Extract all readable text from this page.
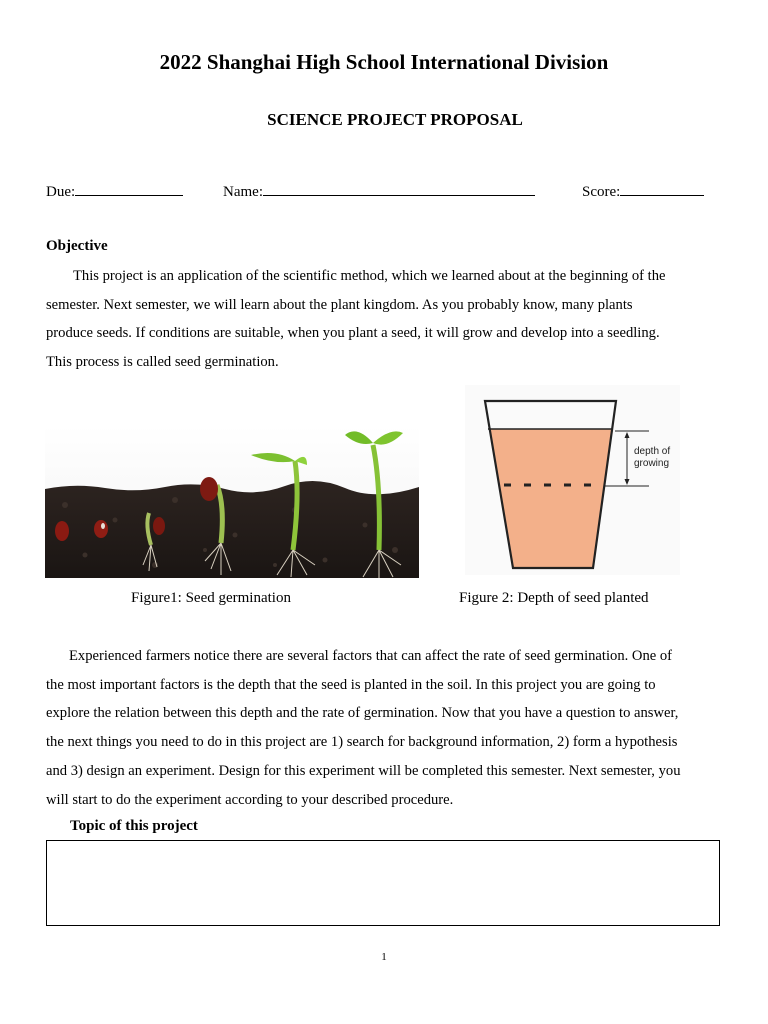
2022 Shanghai High School International Division
SCIENCE PROJECT PROPOSAL
Due:	Name:	Score:
Objective
This project is an application of the scientific method, which we learned about at the beginning of the
semester. Next semester, we will learn about the plant kingdom. As you probably know, many plants
produce seeds. If conditions are suitable, when you plant a seed, it will grow and develop into a seedling.
This process is called seed germination.
depth of
growing
Figure1: Seed germination	Figure 2: Depth of seed planted
Experienced farmers notice there are several factors that can affect the rate of seed germination. One of
the most important factors is the depth that the seed is planted in the soil. In this project you are going to
explore the relation between this depth and the rate of germination. Now that you have a question to answer,
the next things you need to do in this project are 1) search for background information, 2) form a hypothesis
and 3) design an experiment. Design for this experiment will be completed this semester. Next semester, you
will start to do the experiment according to your described procedure.
Topic of this project
1
